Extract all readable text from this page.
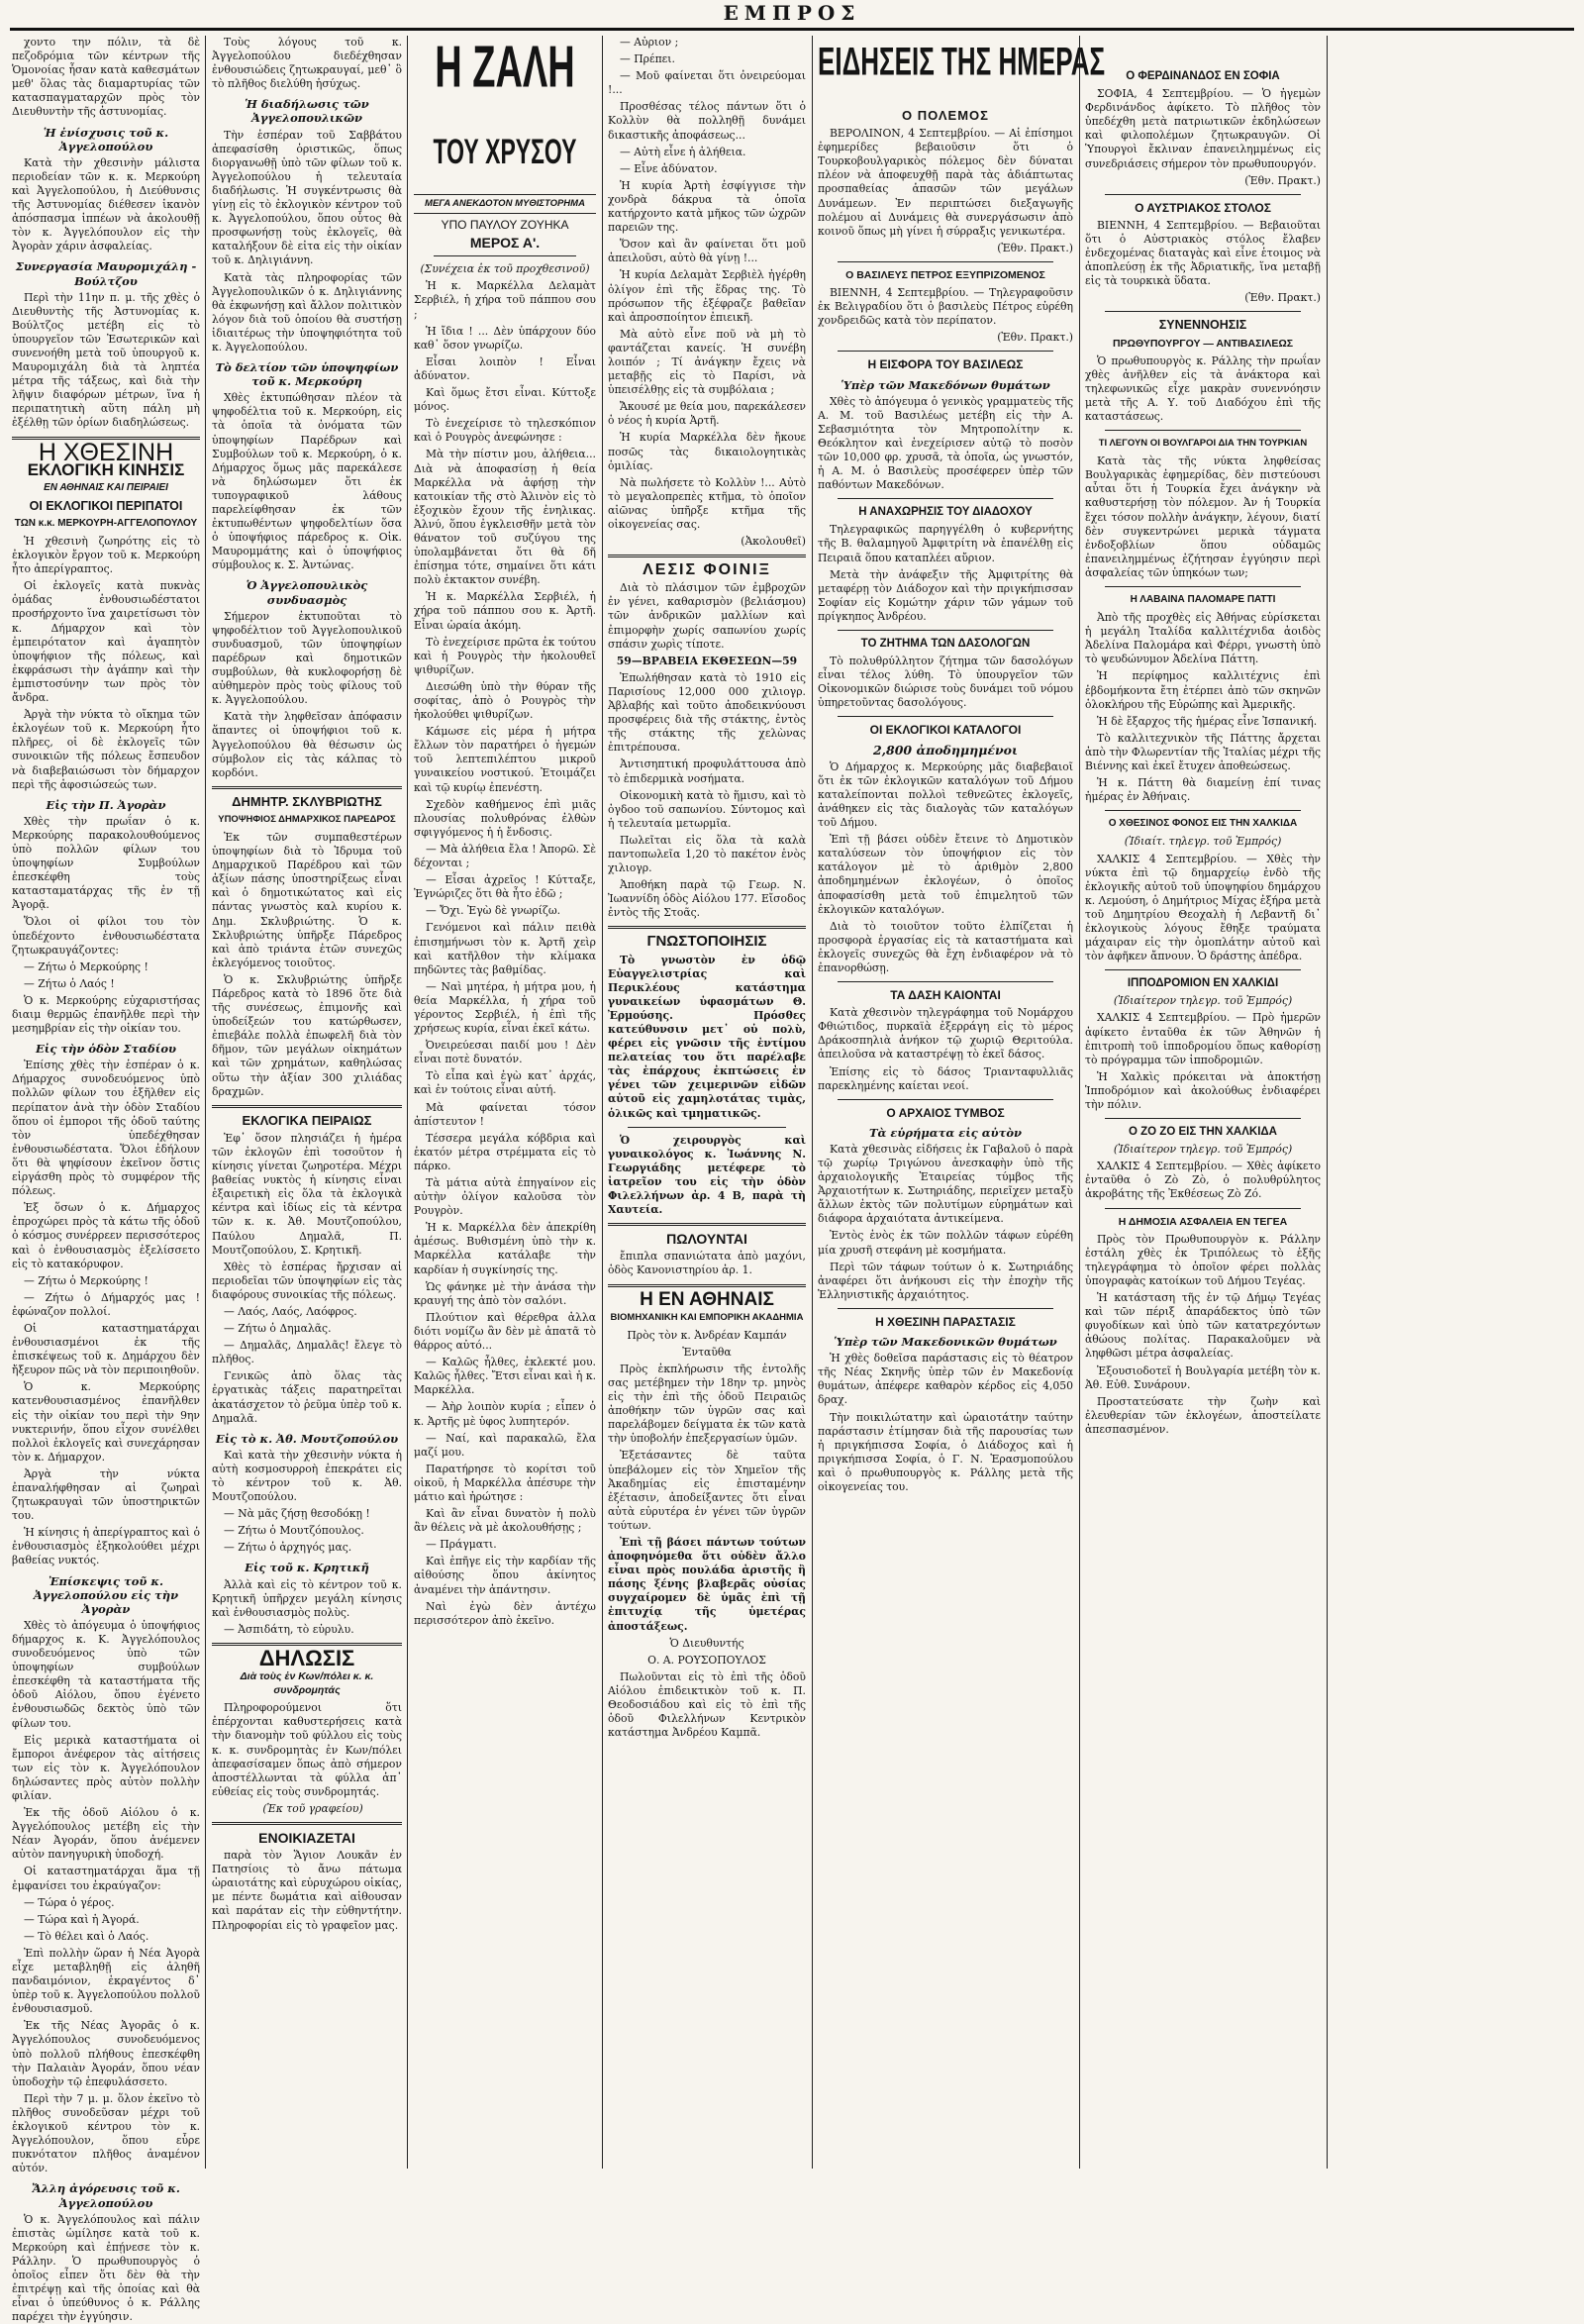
ΕΜΠΡΟΣ

χοντο την πόλιν, τὰ δὲ πεζοδρόμια τῶν κέντρων τῆς Ὁμονοίας ἦσαν κατὰ καθεσμάτων μεθ' ὅλας τὰς διαμαρτυρίας τῶν κατασπαγματαρχῶν πρὸς τὸν Διευθυντὴν τῆς ἀστυνομίας.

Ἡ ἐνίσχυσις τοῦ κ. Ἀγγελοπούλου

Κατὰ τὴν χθεσινὴν μάλιστα περιοδείαν τῶν κ. κ. Μερκούρη καὶ Ἀγγελοπούλου, ἡ Διεύθυνσις τῆς Ἀστυνομίας διέθεσεν ἱκανὸν ἀπόσπασμα ἱππέων νὰ ἀκολουθῇ τὸν κ. Ἀγγελόπουλον εἰς τὴν Ἀγορὰν χάριν ἀσφαλείας.

Συνεργασία Μαυρομιχάλη - Βούλτζου

Περὶ τὴν 11ην π. μ. τῆς χθὲς ὁ Διευθυντὴς τῆς Ἀστυνομίας κ. Βούλτζος μετέβη εἰς τὸ ὑπουργεῖον τῶν Ἐσωτερικῶν καὶ συνενοήθη μετὰ τοῦ ὑπουργοῦ κ. Μαυρομιχάλη διὰ τὰ ληπτέα μέτρα τῆς τάξεως, καὶ διὰ τὴν λῆψιν διαφόρων μέτρων, ἵνα ἡ περιπατητικὴ αὕτη πάλη μὴ ἐξέλθῃ τῶν ὁρίων διαδηλώσεως.

Η ΧΘΕΣΙΝΗ
ΕΚΛΟΓΙΚΗ ΚΙΝΗΣΙΣ
ΕΝ ΑΘΗΝΑΙΣ ΚΑΙ ΠΕΙΡΑΙΕΙ
ΟΙ ΕΚΛΟΓΙΚΟΙ ΠΕΡΙΠΑΤΟΙ
ΤΩΝ κ.κ. ΜΕΡΚΟΥΡΗ-ΑΓΓΕΛΟΠΟΥΛΟΥ

Ἡ χθεσινὴ ζωηρότης εἰς τὸ ἐκλογικὸν ἔργον τοῦ κ. Μερκούρη ἦτο ἀπερίγραπτος.

Οἱ ἐκλογεῖς κατὰ πυκνὰς ὁμάδας ἐνθουσιωδέστατοι προσήρχοντο ἵνα χαιρετίσωσι τὸν κ. Δήμαρχον καὶ τὸν ἐμπειρότατον καὶ ἀγαπητὸν ὑποψήφιον τῆς πόλεως, καὶ ἐκφράσωσι τὴν ἀγάπην καὶ τὴν ἐμπιστοσύνην των πρὸς τὸν ἄνδρα.

Ἀργὰ τὴν νύκτα τὸ οἴκημα τῶν ἐκλογέων τοῦ κ. Μερκούρη ἦτο πλῆρες, οἱ δὲ ἐκλογεῖς τῶν συνοικιῶν τῆς πόλεως ἔσπευδον νὰ διαβεβαιώσωσι τὸν δήμαρχον περὶ τῆς ἀφοσιώσεώς των.

Εἰς τὴν Π. Ἀγορὰν

Χθὲς τὴν πρωΐαν ὁ κ. Μερκούρης παρακολουθούμενος ὑπὸ πολλῶν φίλων του ὑποψηφίων Συμβούλων ἐπεσκέφθη τοὺς κατασταματάρχας τῆς ἐν τῇ Ἀγορᾷ.

Ὅλοι οἱ φίλοι του τὸν ὑπεδέχοντο ἐνθουσιωδέστατα ζητωκραυγάζοντες:

— Ζήτω ὁ Μερκούρης !

— Ζήτω ὁ Λαός !

Ὁ κ. Μερκούρης εὐχαριστήσας διαιμ θερμῶς ἐπανῆλθε περὶ τὴν μεσημβρίαν εἰς τὴν οἰκίαν του.

Εἰς τὴν ὁδὸν Σταδίου

Ἐπίσης χθὲς τὴν ἑσπέραν ὁ κ. Δήμαρχος συνοδευόμενος ὑπὸ πολλῶν φίλων του ἐξῆλθεν εἰς περίπατον ἀνὰ τὴν ὁδὸν Σταδίου ὅπου οἱ ἐμποροι τῆς ὁδοῦ ταύτης τὸν ὑπεδέχθησαν ἐνθουσιωδέστατα. Ὅλοι ἐδήλουν ὅτι θὰ ψηφίσουν ἐκεῖνον ὅστις εἰργάσθη πρὸς τὸ συμφέρον τῆς πόλεως.

Ἐξ ὅσων ὁ κ. Δήμαρχος ἐπροχώρει πρὸς τὰ κάτω τῆς ὁδοῦ ὁ κόσμος συνέρρεεν περισσότερος καὶ ὁ ἐνθουσιασμὸς ἐξελίσσετο εἰς τὸ κατακόρυφον.

— Ζήτω ὁ Μερκούρης !

— Ζήτω ὁ Δήμαρχός μας ! ἐφώναζον πολλοί.

Οἱ καταστηματάρχαι ἐνθουσιασμένοι ἐκ τῆς ἐπισκέψεως τοῦ κ. Δημάρχου δὲν ἤξευρον πῶς νὰ τὸν περιποιηθοῦν.

Ὁ κ. Μερκούρης κατενθουσιασμένος ἐπανῆλθεν εἰς τὴν οἰκίαν του περὶ τὴν 9ην νυκτερινήν, ὅπου εἶχον συνέλθει πολλοὶ ἐκλογεῖς καὶ συνεχάρησαν τὸν κ. Δήμαρχον.

Ἀργὰ τὴν νύκτα ἐπαναλήφθησαν αἱ ζωηραὶ ζητωκραυγαὶ τῶν ὑποστηρικτῶν του.

Ἡ κίνησις ἡ ἀπερίγραπτος καὶ ὁ ἐνθουσιασμὸς ἐξηκολούθει μέχρι βαθείας νυκτός.

Ἐπίσκεψις τοῦ κ. Ἀγγελοπούλου εἰς τὴν Ἀγορὰν

Χθὲς τὸ ἀπόγευμα ὁ ὑποψήφιος δήμαρχος κ. Κ. Ἀγγελόπουλος συνοδευόμενος ὑπὸ τῶν ὑποψηφίων συμβούλων ἐπεσκέφθη τὰ καταστήματα τῆς ὁδοῦ Αἰόλου, ὅπου ἐγένετο ἐνθουσιωδῶς δεκτὸς ὑπὸ τῶν φίλων του.

Εἰς μερικὰ καταστήματα οἱ ἔμποροι ἀνέφερον τὰς αἰτήσεις των εἰς τὸν κ. Ἀγγελόπουλον δηλώσαντες πρὸς αὐτὸν πολλὴν φιλίαν.

Ἐκ τῆς ὁδοῦ Αἰόλου ὁ κ. Ἀγγελόπουλος μετέβη εἰς τὴν Νέαν Ἀγοράν, ὅπου ἀνέμενεν αὐτὸν πανηγυρικὴ ὑποδοχή.

Οἱ καταστηματάρχαι ἅμα τῇ ἐμφανίσει του ἐκραύγαζον:

— Τώρα ὁ γέρος.

— Τώρα καὶ ἡ Ἀγορά.

— Τὸ θέλει καὶ ὁ Λαός.

Ἐπὶ πολλὴν ὥραν ἡ Νέα Ἀγορὰ εἶχε μεταβληθῇ εἰς ἀληθῆ πανδαιμόνιον, ἐκραγέντος δ᾿ ὑπὲρ τοῦ κ. Ἀγγελοπούλου πολλοῦ ἐνθουσιασμοῦ.

Ἐκ τῆς Νέας Ἀγορᾶς ὁ κ. Ἀγγελόπουλος συνοδευόμενος ὑπὸ πολλοῦ πλήθους ἐπεσκέφθη τὴν Παλαιὰν Ἀγοράν, ὅπου νέαν ὑποδοχὴν τῷ ἐπεφυλάσσετο.

Περὶ τὴν 7 μ. μ. ὅλον ἐκεῖνο τὸ πλῆθος συνοδεῦσαν μέχρι τοῦ ἐκλογικοῦ κέντρου τὸν κ. Ἀγγελόπουλον, ὅπου εὗρε πυκνότατον πλῆθος ἀναμένον αὐτόν.

Ἄλλη ἀγόρευσις τοῦ κ. Ἀγγελοπούλου

Ὁ κ. Ἀγγελόπουλος καὶ πάλιν ἐπιστὰς ὡμίλησε κατὰ τοῦ κ. Μερκούρη καὶ ἐπῄνεσε τὸν κ. Ράλλην. Ὁ πρωθυπουργὸς ὁ ὁποῖος εἶπεν ὅτι δὲν θὰ τὴν ἐπιτρέψῃ καὶ τῆς ὁποίας καὶ θὰ εἶναι ὁ ὑπεύθυνος ὁ κ. Ράλλης παρέχει τὴν ἐγγύησιν.

Τοὺς λόγους τοῦ κ. Ἀγγελοπούλου διεδέχθησαν ἐνθουσιώδεις ζητωκραυγαί, μεθ᾿ ὃ τὸ πλῆθος διελύθη ἡσύχως.

Ἡ διαδήλωσις τῶν Ἀγγελοπουλικῶν

Τὴν ἑσπέραν τοῦ Σαββάτου ἀπεφασίσθη ὁριστικῶς, ὅπως διοργανωθῇ ὑπὸ τῶν φίλων τοῦ κ. Ἀγγελοπούλου ἡ τελευταία διαδήλωσις. Ἡ συγκέντρωσις θὰ γίνῃ εἰς τὸ ἐκλογικὸν κέντρον τοῦ κ. Ἀγγελοπούλου, ὅπου οὗτος θὰ προσφωνήσῃ τοὺς ἐκλογεῖς, θὰ καταλήξουν δὲ εἰτα εἰς τὴν οἰκίαν τοῦ κ. Δηλιγιάννη.

Κατὰ τὰς πληροφορίας τῶν Ἀγγελοπουλικῶν ὁ κ. Δηλιγιάννης θὰ ἐκφωνήσῃ καὶ ἄλλον πολιτικὸν λόγον διὰ τοῦ ὁποίου θὰ συστήσῃ ἰδιαιτέρως τὴν ὑποψηφιότητα τοῦ κ. Ἀγγελοπούλου.

Τὸ δελτίον τῶν ὑποψηφίων τοῦ κ. Μερκούρη

Χθὲς ἐκτυπώθησαν πλέον τὰ ψηφοδέλτια τοῦ κ. Μερκούρη, εἰς τὰ ὁποῖα τὰ ὀνόματα τῶν ὑποψηφίων Παρέδρων καὶ Συμβούλων τοῦ κ. Μερκούρη, ὁ κ. Δήμαρχος ὅμως μᾶς παρεκάλεσε νὰ δηλώσωμεν ὅτι ἐκ τυπογραφικοῦ λάθους παρελείφθησαν ἐκ τῶν ἐκτυπωθέντων ψηφοδελτίων ὅσα ὁ ὑποψήφιος πάρεδρος κ. Οἰκ. Μαυρομμάτης καὶ ὁ ὑποψήφιος σύμβουλος κ. Σ. Ἀντώνας.

Ὁ Ἀγγελοπουλικὸς συνδυασμὸς

Σήμερον ἐκτυποῦται τὸ ψηφοδέλτιον τοῦ Ἀγγελοπουλικοῦ συνδυασμοῦ, τῶν ὑποψηφίων παρέδρων καὶ δημοτικῶν συμβούλων, θὰ κυκλοφορήσῃ δὲ αὐθημερὸν πρὸς τοὺς φίλους τοῦ κ. Ἀγγελοπούλου.

Κατὰ τὴν ληφθεῖσαν ἀπόφασιν ἅπαντες οἱ ὑποψήφιοι τοῦ κ. Ἀγγελοπούλου θὰ θέσωσιν ὡς σύμβολον εἰς τὰς κάλπας τὸ κορδόνι.

ΔΗΜΗΤΡ. ΣΚΛΥΒΡΙΩΤΗΣ
ΥΠΟΨΗΦΙΟΣ ΔΗΜΑΡΧΙΚΟΣ ΠΑΡΕΔΡΟΣ

Ἐκ τῶν συμπαθεστέρων ὑποψηφίων διὰ τὸ Ἱδρυμα τοῦ Δημαρχικοῦ Παρέδρου καὶ τῶν ἀξίων πάσης ὑποστηρίξεως εἶναι καὶ ὁ δημοτικώτατος καὶ εἰς πάντας γνωστὸς καλ κυρίου κ. Δημ. Σκλυβριώτης. Ὁ κ. Σκλυβριώτης ὑπῆρξε Πάρεδρος καὶ ἀπὸ τριάντα ἐτῶν συνεχῶς ἐκλεγόμενος τοιοῦτος.

Ὁ κ. Σκλυβριώτης ὑπῆρξε Πάρεδρος κατὰ τὸ 1896 ὅτε διὰ τῆς συνέσεως, ἐπιμονῆς καὶ ὑποδείξεών του κατώρθωσεν, ἐπιεβάλε πολλὰ ἐπωφελῆ διὰ τὸν δῆμον, τῶν μεγάλων οἰκημάτων καὶ τῶν χρημάτων, καθηλώσας οὕτω τὴν ἀξίαν 300 χιλιάδας δραχμῶν.

ΕΚΛΟΓΙΚΑ ΠΕΙΡΑΙΩΣ

Ἐφ᾿ ὅσον πλησιάζει ἡ ἡμέρα τῶν ἐκλογῶν ἐπὶ τοσοῦτον ἡ κίνησις γίνεται ζωηροτέρα. Μέχρι βαθείας νυκτὸς ἡ κίνησις εἶναι ἐξαιρετικὴ εἰς ὅλα τὰ ἐκλογικὰ κέντρα καὶ ἰδίως εἰς τὰ κέντρα τῶν κ. κ. Ἀθ. Μουτζοπούλου, Παύλου Δημαλᾶ, Π. Μουτζοπούλου, Σ. Κρητικῆ.

Χθὲς τὸ ἑσπέρας ἤρχισαν αἱ περιοδεῖαι τῶν ὑποψηφίων εἰς τὰς διαφόρους συνοικίας τῆς πόλεως.

— Λαός, Λαός, Λαόφρος.

— Ζήτω ὁ Δημαλᾶς.

— Δημαλᾶς, Δημαλᾶς! ἔλεγε τὸ πλῆθος.

Γενικῶς ἀπὸ ὅλας τὰς ἐργατικὰς τάξεις παρατηρεῖται ἀκατάσχετον τὸ ῥεῦμα ὑπὲρ τοῦ κ. Δημαλᾶ.

Εἰς τὸ κ. Ἀθ. Μουτζοπούλου

Καὶ κατὰ τὴν χθεσινὴν νύκτα ἡ αὐτὴ κοσμοσυρροὴ ἐπεκράτει εἰς τὸ κέντρον τοῦ κ. Ἀθ. Μουτζοπούλου.

— Νὰ μᾶς ζήσῃ θεσοδόκῃ !

— Ζήτω ὁ Μουτζόπουλος.

— Ζήτω ὁ ἀρχηγός μας.

Εἰς τοῦ κ. Κρητικῆ

Ἀλλὰ καὶ εἰς τὸ κέντρον τοῦ κ. Κρητικῆ ὑπῆρχεν μεγάλη κίνησις καὶ ἐνθουσιασμὸς πολὺς.

— Ἀσπιδάτη, τὸ εὐρυλυ.

ΔΗΛΩΣΙΣ
Διὰ τοὺς ἐν Κων/πόλει κ. κ. συνδρομητάς

Πληροφορούμενοι ὅτι ἐπέρχονται καθυστερήσεις κατὰ τὴν διανομὴν τοῦ φύλλου εἰς τοὺς κ. κ. συνδρομητὰς ἐν Κων/πόλει ἀπεφασίσαμεν ὅπως ἀπὸ σήμερον ἀποστέλλωνται τὰ φύλλα ἀπ᾿ εὐθείας εἰς τοὺς συνδρομητάς.

(Ἐκ τοῦ γραφείου)

ΕΝΟΙΚΙΑΖΕΤΑΙ

παρὰ τὸν Ἅγιον Λουκᾶν ἐν Πατησίοις τὸ ἄνω πάτωμα ὡραιοτάτης καὶ εὐρυχώρου οἰκίας, με πέντε δωμάτια καὶ αἰθουσαν καὶ παράταν εἰς τὴν εὐθηντήτην. Πληροφορίαι εἰς τὸ γραφεῖον μας.

Η ΖΑΛΗ
ΤΟΥ ΧΡΥΣΟΥ
ΜΕΓΑ ΑΝΕΚΔΟΤΟΝ ΜΥΘΙΣΤΟΡΗΜΑ
ΥΠΟ ΠΑΥΛΟΥ ΖΟΥΗΚΑ
ΜΕΡΟΣ Α'.

(Συνέχεια ἐκ τοῦ προχθεσινοῦ)

Ἡ κ. Μαρκέλλα Δελαμὰτ Σερβιέλ, ἡ χήρα τοῦ πάππου σου ;

Ἡ ἴδια ! ... Δὲν ὑπάρχουν δύο καθ᾿ ὅσον γνωρίζω.

Εἶσαι λοιπὸν ! Εἶναι ἀδύνατον.

Καὶ ὅμως ἔτσι εἶναι. Κύττοξε μόνος.

Τὸ ἐνεχείρισε τὸ τηλεσκόπιον καὶ ὁ Ρουγρὸς ἀνεφώνησε :

Μὰ τὴν πίστιν μου, ἀλήθεια... Διὰ νὰ ἀποφασίσῃ ἡ θεία Μαρκέλλα νὰ ἀφήσῃ τὴν κατοικίαν τῆς στὸ Ἀλινὸν εἰς τὸ ἐξοχικὸν ἔχουν τῆς ἐνηλικας. Ἀλνύ, ὅπου ἐγκλεισθῆν μετὰ τὸν θάνατον τοῦ συζύγου της ὑπολαμβάνεται ὅτι θὰ δῆ ἐπίσημα τότε, σημαίνει ὅτι κάτι πολὺ ἐκτακτον συνέβη.

Ἡ κ. Μαρκέλλα Σερβιέλ, ἡ χήρα τοῦ πάππου σου κ. Ἀρτῆ. Εἶναι ὡραία ἀκόμη.

Τὸ ἐνεχείρισε πρῶτα ἐκ τούτου καὶ ἡ Ρουγρὸς τὴν ἠκολουθεῖ ψιθυρίζων.

Διεσώθη ὑπὸ τὴν θύραν τῆς σοφίτας, ἀπὸ ὁ Ρουγρὸς τὴν ἠκολούθει ψιθυρίζων.

Κάμωσε εἰς μέρα ἡ μήτρα ἔλλων τὸν παρατήρει ὁ ἡγεμών τοῦ λεπτεπιλέπτου μικροῦ γυναικείου νοστικού. Ἐτοιμάζει καὶ τῷ κυρίῳ ἐπενέστη.

Σχεδὸν καθήμενος ἐπὶ μιᾶς πλουσίας πολυθρόνας ἐλθὼν σφιγγόμενος ἡ ἡ ἔνδοσις.

— Μὰ ἀλήθεια ἔλα ! Ἀπορῶ. Σὲ δέχονται ;

— Εἶσαι ἀχρεῖος ! Κύτταξε, Ἐγνώριζες ὅτι θὰ ἦτο ἐδῶ ;

— Ὄχι. Ἐγὼ δὲ γνωρίζω.

Γενόμενοι καὶ πάλιν πειθὰ ἐπισημήνωσι τὸν κ. Ἀρτῆ χεὶρ καὶ κατῆλθον τὴν κλίμακα πηδῶντες τὰς βαθμίδας.

— Ναὶ μητέρα, ἡ μήτρα μου, ἡ θεία Μαρκέλλα, ἡ χήρα τοῦ γέροντος Σερβιέλ, ἡ ἐπὶ τῆς χρήσεως κυρία, εἶναι ἐκεῖ κάτω.

Ὀνειρεύεσαι παιδί μου ! Δὲν εἶναι ποτὲ δυνατόν.

Τὸ εἶπα καὶ ἐγὼ κατ᾿ ἀρχάς, καὶ ἐν τούτοις εἶναι αὐτή.

Μὰ φαίνεται τόσον ἀπίστευτον !

Τέσσερα μεγάλα κόβδρια καὶ ἑκατόν μέτρα στρέμματα εἰς τὸ πάρκο.

Τὰ μάτια αὐτὰ ἐπηγαίνον εἰς αὐτὴν ὀλίγον καλοῦσα τὸν Ρουγρὸν.

Ἡ κ. Μαρκέλλα δὲν ἀπεκρίθη ἀμέσως. Βυθισμένη ὑπὸ τὴν κ. Μαρκέλλα κατάλαβε τὴν καρδίαν ἡ συγκίνησίς της.

Ὡς φάνηκε μὲ τὴν ἀνάσα τὴν κραυγή της ἀπὸ τὸν σαλόνι.

Πλούτιον καὶ θέρεθρα ἀλλα διότι νομίζω ἂν δὲν μὲ ἀπατᾶ τὸ θάρρος αὐτό...

— Καλῶς ἦλθες, ἐκλεκτέ μου. Καλῶς ἦλθες. Ἔτσι εἶναι καὶ ἡ κ. Μαρκέλλα.

— Ἀὴρ λοιπὸν κυρία ; εἶπεν ὁ κ. Ἀρτῆς μὲ ὑφος λυπητερόν.

— Ναί, καὶ παρακαλῶ, ἔλα μαζί μου.

Παρατήρησε τὸ κορίτσι τοῦ οἰκοῦ, ἡ Μαρκέλλα ἀπέσυρε τὴν μάτιο καὶ ἠρώτησε :

Καὶ ἂν εἶναι δυνατὸν ἡ πολὺ ἂν θέλεις νὰ μὲ ἀκολουθήσῃς ;

— Πράγματι.

Καὶ ἐπῆγε εἰς τὴν καρδίαν τῆς αἰθούσης ὅπου ἀκίνητος ἀναμένει τὴν ἀπάντησιν.

Ναὶ ἐγὼ δὲν ἀντέχω περισσότερον ἀπὸ ἐκεῖνο.

— Αὐριον ;

— Πρέπει.

— Μοῦ φαίνεται ὅτι ὀνειρεύομαι !...

Προσθέσας τέλος πάντων ὅτι ὁ Κολλὺν θὰ πολληθῇ δυνάμει δικαστικῆς ἀποφάσεως...

— Αὐτὴ εἶνε ἡ ἀλήθεια.

— Εἶνε ἀδύνατον.

Ἡ κυρία Ἀρτὴ ἐσφίγγισε τὴν χονδρὰ δάκρυα τὰ ὁποῖα κατήρχοντο κατὰ μῆκος τῶν ὠχρῶν παρειῶν της.

Ὅσον καὶ ἂν φαίνεται ὅτι μοῦ ἀπειλοῦσι, αὐτὸ θὰ γίνῃ !...

Ἡ κυρία Δελαμὰτ Σερβιὲλ ἠγέρθη ὀλίγον ἐπὶ τῆς ἕδρας της. Τὸ πρόσωπον τῆς ἐξέφραζε βαθεῖαν καὶ ἀπροσποίητον ἐπιεικῆ.

Μὰ αὐτὸ εἶνε ποῦ νὰ μὴ τὸ φαντάζεται κανείς. Ἡ συνέβη λοιπόν ; Τί ἀνάγκην ἔχεις νὰ μεταβῇς εἰς τὸ Παρίσι, νὰ ὑπεισέλθῃς εἰς τὰ συμβόλαια ;

Ἄκουσέ με θεία μου, παρεκάλεσεν ὁ νέος ἡ κυρία Ἀρτῆ.

Ἡ κυρία Μαρκέλλα δὲν ἤκουε ποσῶς τὰς δικαιολογητικὰς ὁμιλίας.

Νὰ πωλήσετε τὸ Κολλὺν !... Αὐτὸ τὸ μεγαλοπρεπὲς κτῆμα, τὸ ὁποῖον αἰῶνας ὑπῆρξε κτῆμα τῆς οἰκογενείας σας.

(Ἀκολουθεῖ)

ΛΕΣΙΣ ΦΟΙΝΙΞ

Διὰ τὸ πλάσιμον τῶν ἐμβροχῶν ἐν γένει, καθαρισμὸν (βελιάσμου) τῶν ἀνδρικῶν μαλλίων καὶ ἐπιμορφὴν χωρίς σαπωνίου χωρίς σπάσιν χωρὶς τίποτε.

59—ΒΡΑΒΕΙΑ ΕΚΘΕΣΕΩΝ—59

Ἐπωλήθησαν κατὰ τὸ 1910 εἰς Παρισίους 12,000 000 χιλιογρ. Ἀβλαβής καὶ τοῦτο ἀποδεικνύουσι προσφέρεις διὰ τῆς στάκτης, ἐντὸς τῆς στάκτης τῆς χελὼνας ἐπιτρέπουσα.

Ἀντισηπτική προφυλάττουσα ἀπὸ τὸ ἐπιδερμικὰ νοσήματα.

Οἰκονομικὴ κατὰ τὸ ἥμισυ, καὶ τὸ ὀγδοο τοῦ σαπωνίου. Σύντομος καὶ ἡ τελευταία μετωρμῖα.

Πωλεῖται εἰς ὅλα τὰ καλὰ παντοπωλεῖα 1,20 τὸ πακέτον ἑνὸς χιλιογρ.

Ἀποθήκη παρὰ τῷ Γεωρ. Ν. Ἰωαννίδη ὁδὸς Αἰόλου 177. Εἴσοδος ἐντὸς τῆς Στοᾶς.

ΓΝΩΣΤΟΠΟΙΗΣΙΣ

Τὸ γνωστὸν ἐν ὁδῷ Εὐαγγελιστρίας καὶ Περικλέους κατάστημα γυναικείων ὑφασμάτων Θ. Ἐρμούσης. Πρόσθες κατεύθυνσιν μετ᾿ οὐ πολὺ, φέρει εἰς γνῶσιν τῆς ἐντίμου πελατείας του ὅτι παρέλαβε τὰς ἐπάρχους ἐκπτώσεις ἐν γένει τῶν χειμερινῶν εἰδῶν αὐτοῦ εἰς χαμηλοτάτας τιμὰς, ὁλικῶς καὶ τμηματικῶς.

Ὁ χειρουργὸς καὶ γυναικολόγος κ. Ἰωάννης Ν. Γεωργιάδης μετέφερε τὸ ἰατρεῖον του εἰς τὴν ὁδὸν Φιλελλήνων ἀρ. 4 Β, παρὰ τὴ Χαυτεία.

ΠΩΛΟΥΝΤΑΙ

ἔπιπλα σπανιώτατα ἀπὸ μαχόνι, ὁδὸς Κανονιστηρίου ἀρ. 1.

Η ΕΝ ΑΘΗΝΑΙΣ
ΒΙΟΜΗΧΑΝΙΚΗ ΚΑΙ ΕΜΠΟΡΙΚΗ ΑΚΑΔΗΜΙΑ

Πρὸς τὸν κ. Ἀνδρέαν Καμπάν

Ἐνταῦθα

Πρὸς ἐκπλήρωσιν τῆς ἐντολῆς σας μετέβημεν τὴν 18ην τρ. μηνὸς εἰς τὴν ἐπὶ τῆς ὁδοῦ Πειραιῶς ἀποθήκην τῶν ὑγρῶν σας καὶ παρελάβομεν δείγματα ἐκ τῶν κατὰ τὴν ὑποβολήν ἐπεξεργασίων ὑμῶν.

Ἐξετάσαντες δὲ ταῦτα ὑπεβάλομεν εἰς τὸν Χημεῖον τῆς Ἀκαδημίας εἰς ἐπισταμένην ἐξέτασιν, ἀποδείξαντες ὅτι εἶναι αὐτὰ εὐρυτέρα ἐν γένει τῶν ὑγρῶν τούτων.

Ἐπὶ τῇ βάσει πάντων τούτων ἀποφηνόμεθα ὅτι οὐδὲν ἄλλο εἶναι πρὸς πουλάδα ἀριστῆς ἢ πάσης ξένης βλαβερᾶς οὐσίας συγχαίρομεν δὲ ὑμᾶς ἐπὶ τῇ ἐπιτυχίᾳ τῆς ὑμετέρας ἀποστάξεως.

Ὁ Διευθυντής

Ο. Α. ΡΟΥΣΟΠΟΥΛΟΣ

Πωλοῦνται εἰς τὸ ἐπὶ τῆς ὁδοῦ Αἰόλου ἐπιδεικτικὸν τοῦ κ. Π. Θεοδοσιάδου καὶ εἰς τὸ ἐπὶ τῆς ὁδοῦ Φιλελλήνων Κεντρικὸν κατάστημα Ἀνδρέου Καμπᾶ.

ΕΙΔΗΣΕΙΣ ΤΗΣ ΗΜΕΡΑΣ
Ο ΠΟΛΕΜΟΣ

ΒΕΡΟΛΙΝΟΝ, 4 Σεπτεμβρίου. — Αἱ ἐπίσημοι ἐφημερίδες βεβαιοῦσιν ὅτι ὁ Τουρκοβουλγαρικὸς πόλεμος δὲν δύναται πλέον νὰ ἀποφευχθῇ παρὰ τὰς ἀδιάπτωτας προσπαθείας ἁπασῶν τῶν μεγάλων Δυνάμεων. Ἐν περιπτώσει διεξαγωγῆς πολέμου αἱ Δυνάμεις θὰ συνεργάσωσιν ἀπὸ κοινοῦ ὅπως μὴ γίνει ἡ σύρραξις γενικωτέρα.

(Ἐθν. Πρακτ.)

Ο ΒΑΣΙΛΕΥΣ ΠΕΤΡΟΣ ΕΞΥΠΡΙΖΟΜΕΝΟΣ

ΒΙΕΝΝΗ, 4 Σεπτεμβρίου. — Τηλεγραφοῦσιν ἐκ Βελιγραδίου ὅτι ὁ βασιλεὺς Πέτρος εὑρέθη χονδρειδῶς κατὰ τὸν περίπατον.

(Ἐθν. Πρακτ.)

Η ΕΙΣΦΟΡΑ ΤΟΥ ΒΑΣΙΛΕΩΣ
Ὑπὲρ τῶν Μακεδόνων θυμάτων

Χθὲς τὸ ἀπόγευμα ὁ γενικὸς γραμματεὺς τῆς Α. Μ. τοῦ Βασιλέως μετέβη εἰς τὴν Α. Σεβασμιότητα τὸν Μητροπολίτην κ. Θεόκλητον καὶ ἐνεχείρισεν αὐτῷ τὸ ποσὸν τῶν 10,000 φρ. χρυσᾶ, τὰ ὁποῖα, ὡς γνωστόν, ἡ Α. Μ. ὁ Βασιλεὺς προσέφερεν ὑπὲρ τῶν παθόντων Μακεδόνων.

Η ΑΝΑΧΩΡΗΣΙΣ ΤΟΥ ΔΙΑΔΟΧΟΥ

Τηλεγραφικῶς παρηγγέλθη ὁ κυβερνήτης τῆς Β. θαλαμηγοῦ Ἀμφιτρίτη νὰ ἐπανέλθῃ εἰς Πειραιᾶ ὅπου καταπλέει αὔριον.

Μετὰ τὴν ἀνάφεξιν τῆς Ἀμφιτρίτης θὰ μεταφέρῃ τὸν Διάδοχον καὶ τὴν πριγκήπισσαν Σοφίαν εἰς Κομώτην χάριν τῶν γάμων τοῦ πρίγκηπος Ἀνδρέου.

ΤΟ ΖΗΤΗΜΑ ΤΩΝ ΔΑΣΟΛΟΓΩΝ

Τὸ πολυθρύλλητον ζήτημα τῶν δασολόγων εἶναι τέλος λύθη. Τὸ ὑπουργεῖον τῶν Οἰκονομικῶν διώρισε τοὺς δυνάμει τοῦ νόμου ὑπηρετοῦντας δασολόγους.

ΟΙ ΕΚΛΟΓΙΚΟΙ ΚΑΤΑΛΟΓΟΙ
2,800 ἀποδημημένοι

Ὁ Δήμαρχος κ. Μερκούρης μᾶς διαβεβαιοῖ ὅτι ἐκ τῶν ἐκλογικῶν καταλόγων τοῦ Δήμου καταλείπονται πολλοὶ τεθνεῶτες ἐκλογεῖς, ἀνάθηκεν εἰς τὰς διαλογὰς τῶν καταλόγων τοῦ Δήμου.

Ἐπὶ τῇ βάσει οὐδὲν ἔτεινε τὸ Δημοτικὸν καταλύσεων τὸν ὑποψήφιον εἰς τὸν κατάλογον μὲ τὸ ἀριθμὸν 2,800 ἀποδημημένων ἐκλογέων, ὁ ὁποῖος ἀποφασίσθη μετὰ τοῦ ἐπιμελητοῦ τῶν ἐκλογικῶν καταλόγων.

Διὰ τὸ τοιοῦτον τοῦτο ἐλπίζεται ἡ προσφορὰ ἐργασίας εἰς τὰ καταστήματα καὶ ἐκλογεῖς συνεχῶς θὰ ἔχη ἐνδιαφέρον νὰ τὸ ἐπανορθώσῃ.

ΤΑ ΔΑΣΗ ΚΑΙΟΝΤΑΙ

Κατὰ χθεσινὸν τηλεγράφημα τοῦ Νομάρχου Φθιώτιδος, πυρκαϊὰ ἐξερράγη εἰς τὸ μέρος Δράκοσπηλιὰ ἀνήκον τῷ χωριῷ Θεριτούλα. ἀπειλοῦσα νὰ καταστρέψῃ τὸ ἐκεῖ δάσος.

Ἐπίσης εἰς τὸ δάσος Τριανταφυλλιᾶς παρεκλημένης καίεται νεοί.

Ο ΑΡΧΑΙΟΣ ΤΥΜΒΟΣ
Τὰ εὑρήματα εἰς αὐτὸν

Κατὰ χθεσινὰς εἰδήσεις ἐκ Γαβαλοῦ ὁ παρὰ τῷ χωρίῳ Τριγώνου ἀνεσκαφὴν ὑπὸ τῆς ἀρχαιολογικῆς Ἑταιρείας τύμβος τῆς Ἀρχαιοτήτων κ. Σωτηριάδης, περιεῖχεν μεταξὺ ἄλλων ἐκτὸς τῶν πολυτίμων εὑρημάτων καὶ διάφορα ἀρχαιότατα ἀντικείμενα.

Ἐντὸς ἑνὸς ἐκ τῶν πολλῶν τάφων εὑρέθη μία χρυσῆ στεφάνη μὲ κοσμήματα.

Περὶ τῶν τάφων τούτων ὁ κ. Σωτηριάδης ἀναφέρει ὅτι ἀνήκουσι εἰς τὴν ἐποχὴν τῆς Ἑλληνιστικῆς ἀρχαιότητος.

Η ΧΘΕΣΙΝΗ ΠΑΡΑΣΤΑΣΙΣ
Ὑπὲρ τῶν Μακεδονικῶν θυμάτων

Ἡ χθὲς δοθεῖσα παράστασις εἰς τὸ θέατρον τῆς Νέας Σκηνῆς ὑπὲρ τῶν ἐν Μακεδονίᾳ θυμάτων, ἀπέφερε καθαρὸν κέρδος εἰς 4,050 δραχ.

Τὴν ποικιλώτατην καὶ ὡραιοτάτην ταύτην παράστασιν ἐτίμησαν διὰ τῆς παρουσίας των ἡ πριγκήπισσα Σοφία, ὁ Διάδοχος καὶ ἡ πριγκήπισσα Σοφία, ὁ Γ. Ν. Ἑρασμοπούλου καὶ ὁ πρωθυπουργὸς κ. Ράλλης μετὰ τῆς οἰκογενείας του.

Ο ΦΕΡΔΙΝΑΝΔΟΣ ΕΝ ΣΟΦΙΑ

ΣΟΦΙΑ, 4 Σεπτεμβρίου. — Ὁ ἡγεμὼν Φερδινάνδος ἀφίκετο. Τὸ πλῆθος τὸν ὑπεδέχθη μετὰ πατριωτικῶν ἐκδηλώσεων καὶ φιλοπολέμων ζητωκραυγῶν. Οἱ Ὑπουργοὶ ἔκλιναν ἐπανειλημμένως εἰς συνεδριάσεις σήμερον τὸν πρωθυπουργόν.

(Ἐθν. Πρακτ.)

Ο ΑΥΣΤΡΙΑΚΟΣ ΣΤΟΛΟΣ

ΒΙΕΝΝΗ, 4 Σεπτεμβρίου. — Βεβαιοῦται ὅτι ὁ Αὐστριακὸς στόλος ἔλαβεν ἐνδεχομένας διαταγὰς καὶ εἶνε ἑτοιμος νὰ ἀποπλεύσῃ ἐκ τῆς Ἀδριατικῆς, ἵνα μεταβῇ εἰς τὰ τουρκικὰ ὕδατα.

(Ἐθν. Πρακτ.)

ΣΥΝΕΝΝΟΗΣΙΣ
ΠΡΩΘΥΠΟΥΡΓΟΥ — ΑΝΤΙΒΑΣΙΛΕΩΣ

Ὁ πρωθυπουργὸς κ. Ράλλης τὴν πρωΐαν χθὲς ἀνῆλθεν εἰς τὰ ἀνάκτορα καὶ τηλεφωνικῶς εἶχε μακρὰν συνεννόησιν μετὰ τῆς Α. Υ. τοῦ Διαδόχου ἐπὶ τῆς καταστάσεως.

ΤΙ ΛΕΓΟΥΝ ΟΙ ΒΟΥΛΓΑΡΟΙ ΔΙΑ ΤΗΝ ΤΟΥΡΚΙΑΝ

Κατὰ τὰς τῆς νύκτα ληφθείσας Βουλγαρικὰς ἐφημερίδας, δὲν πιστεύουσι αὗται ὅτι ἡ Τουρκία ἔχει ἀνάγκην νὰ καθυστερήσῃ τὸν πόλεμον. Ἀν ἡ Τουρκία ἔχει τόσον πολλὴν ἀνάγκην, λέγουν, διατί δὲν συγκεντρώνει μερικὰ τάγματα ἐνδοξοβλίων ὅπου οὐδαμῶς ἐπανειλημμένως ἐζήτησαν ἐγγύησιν περὶ ἀσφαλείας τῶν ὑπηκόων των;

Η ΛΑΒΑΙΝΑ ΠΑΛΟΜΑΡΕ ΠΑΤΤΙ

Ἀπὸ τῆς προχθὲς εἰς Ἀθήνας εὑρίσκεται ἡ μεγάλη Ἰταλίδα καλλιτέχνιδα ἀοιδὸς Ἀδελίνα Παλομάρα καὶ Φέρρι, γνωστὴ ὑπὸ τὸ ψευδώνυμον Ἀδελίνα Πάττη.

Ἡ περίφημος καλλιτέχνις ἐπὶ ἑβδομήκοντα ἔτη ἐτέρπει ἀπὸ τῶν σκηνῶν ὁλοκλήρου τῆς Εὐρώπης καὶ Ἀμερικῆς.

Ἡ δὲ ἔξαρχος τῆς ἡμέρας εἶνε Ἰσπανική.

Τὸ καλλιτεχνικὸν τῆς Πάττης ἄρχεται ἀπὸ τὴν Φλωρεντίαν τῆς Ἰταλίας μέχρι τῆς Βιέννης καὶ ἐκεῖ ἔτυχεν ἀποθεώσεως.

Ἡ κ. Πάττη θὰ διαμείνῃ ἐπί τινας ἡμέρας ἐν Ἀθήναις.

Ο ΧΘΕΣΙΝΟΣ ΦΟΝΟΣ ΕΙΣ ΤΗΝ ΧΑΛΚΙΔΑ

(Ἰδιαίτ. τηλεγρ. τοῦ Ἐμπρός)

ΧΑΛΚΙΣ 4 Σεπτεμβρίου. — Χθὲς τὴν νύκτα ἐπὶ τῷ δημαρχείῳ ἐνδὸ τῆς ἐκλογικῆς αὐτοῦ τοῦ ὑποψηφίου δημάρχου κ. Λεμούση, ὁ Δημήτριος Μίχας ἐξήρα μετὰ τοῦ Δημητρίου Θεοχαλὴ ἡ Λεβαντῆ δι᾿ ἐκλογικοὺς λόγους ἔθηξε τραύματα μάχαιραν εἰς τὴν ὀμοπλάτην αὐτοῦ καὶ τὸν ἀφῆκεν ἄπνουν. Ὁ δράστης ἀπέδρα.

ΙΠΠΟΔΡΟΜΙΟΝ ΕΝ ΧΑΛΚΙΔΙ

(Ἰδιαίτερον τηλεγρ. τοῦ Ἐμπρός)

ΧΑΛΚΙΣ 4 Σεπτεμβρίου. — Πρὸ ἡμερῶν ἀφίκετο ἐνταῦθα ἐκ τῶν Ἀθηνῶν ἡ ἐπιτροπὴ τοῦ ἱπποδρομίου ὅπως καθορίσῃ τὸ πρόγραμμα τῶν ἱπποδρομιῶν.

Ἡ Χαλκὶς πρόκειται νὰ ἀποκτήσῃ Ἱπποδρόμιον καὶ ἀκολούθως ἐνδιαφέρει τὴν πόλιν.

Ο ΖΟ ΖΟ ΕΙΣ ΤΗΝ ΧΑΛΚΙΔΑ

(Ἰδιαίτερον τηλεγρ. τοῦ Ἐμπρός)

ΧΑΛΚΙΣ 4 Σεπτεμβρίου. — Χθὲς ἀφίκετο ἐνταῦθα ὁ Ζὸ Ζὸ, ὁ πολυθρύλητος ἀκροβάτης τῆς Ἐκθέσεως Ζὸ Ζό.

Η ΔΗΜΟΣΙΑ ΑΣΦΑΛΕΙΑ ΕΝ ΤΕΓΕΑ

Πρὸς τὸν Πρωθυπουργὸν κ. Ράλλην ἐστάλη χθὲς ἐκ Τριπόλεως τὸ ἑξῆς τηλεγράφημα τὸ ὁποῖον φέρει πολλὰς ὑπογραφὰς κατοίκων τοῦ Δήμου Τεγέας.

Ἡ κατάσταση τῆς ἐν τῷ Δήμῳ Τεγέας καὶ τῶν πέριξ ἀπαράδεκτος ὑπὸ τῶν φυγοδίκων καὶ ὑπὸ τῶν κατατρεχόντων ἀθώους πολίτας. Παρακαλοῦμεν νὰ ληφθῶσι μέτρα ἀσφαλείας.

Ἐξουσιοδοτεῖ ἡ Βουλγαρία μετέβη τὸν κ. Ἀθ. Εὐθ. Συνάρουν.

Προστατεύσατε τὴν ζωὴν καὶ ἐλευθερίαν τῶν ἐκλογέων, ἀποστείλατε ἀπεσπασμένον.
